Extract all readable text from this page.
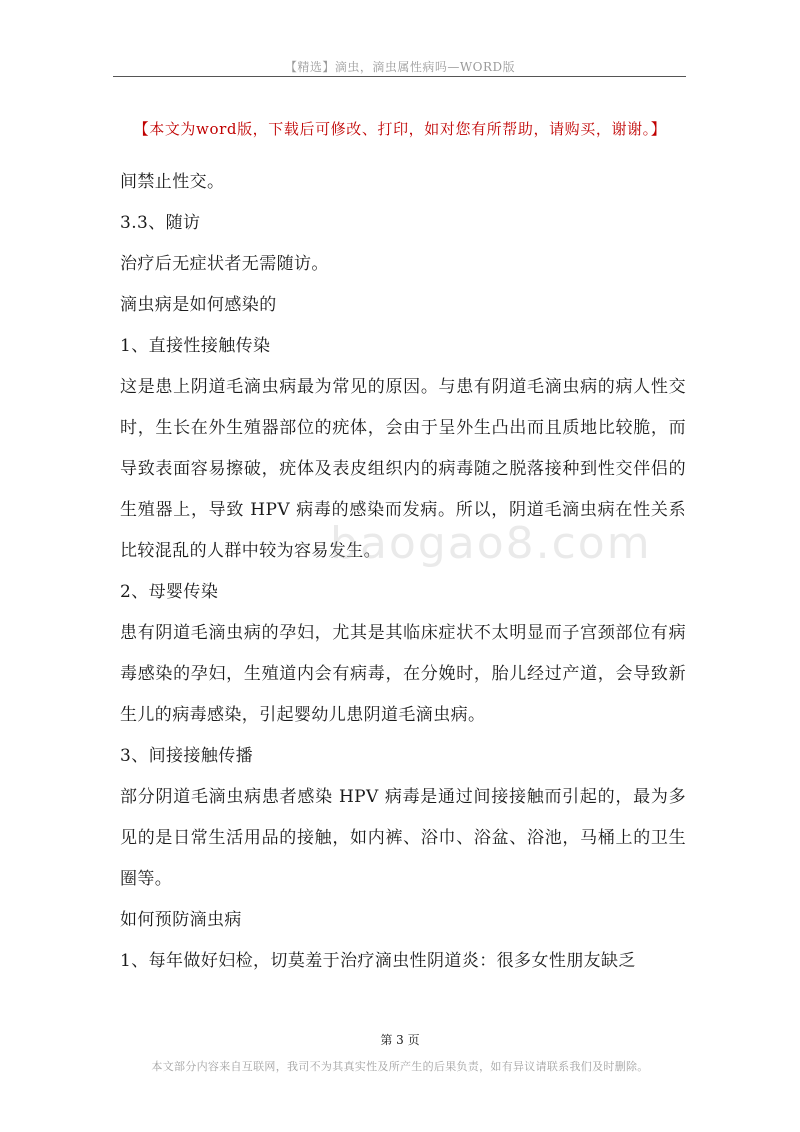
【精选】滴虫，滴虫属性病吗—WORD版
【本文为word版，下载后可修改、打印，如对您有所帮助，请购买，谢谢。】

间禁止性交。

3.3、随访

治疗后无症状者无需随访。

滴虫病是如何感染的

1、直接性接触传染

这是患上阴道毛滴虫病最为常见的原因。与患有阴道毛滴虫病的病人性交时，生长在外生殖器部位的疣体，会由于呈外生凸出而且质地比较脆，而导致表面容易擦破，疣体及表皮组织内的病毒随之脱落接种到性交伴侣的生殖器上，导致 HPV 病毒的感染而发病。所以，阴道毛滴虫病在性关系比较混乱的人群中较为容易发生。

2、母婴传染

患有阴道毛滴虫病的孕妇，尤其是其临床症状不太明显而子宫颈部位有病毒感染的孕妇，生殖道内会有病毒，在分娩时，胎儿经过产道，会导致新生儿的病毒感染，引起婴幼儿患阴道毛滴虫病。

3、间接接触传播

部分阴道毛滴虫病患者感染 HPV 病毒是通过间接接触而引起的，最为多见的是日常生活用品的接触，如内裤、浴巾、浴盆、浴池，马桶上的卫生圈等。

如何预防滴虫病

1、每年做好妇检，切莫羞于治疗滴虫性阴道炎：很多女性朋友缺乏

baogao8.com
第 3 页
本文部分内容来自互联网，我司不为其真实性及所产生的后果负责，如有异议请联系我们及时删除。
